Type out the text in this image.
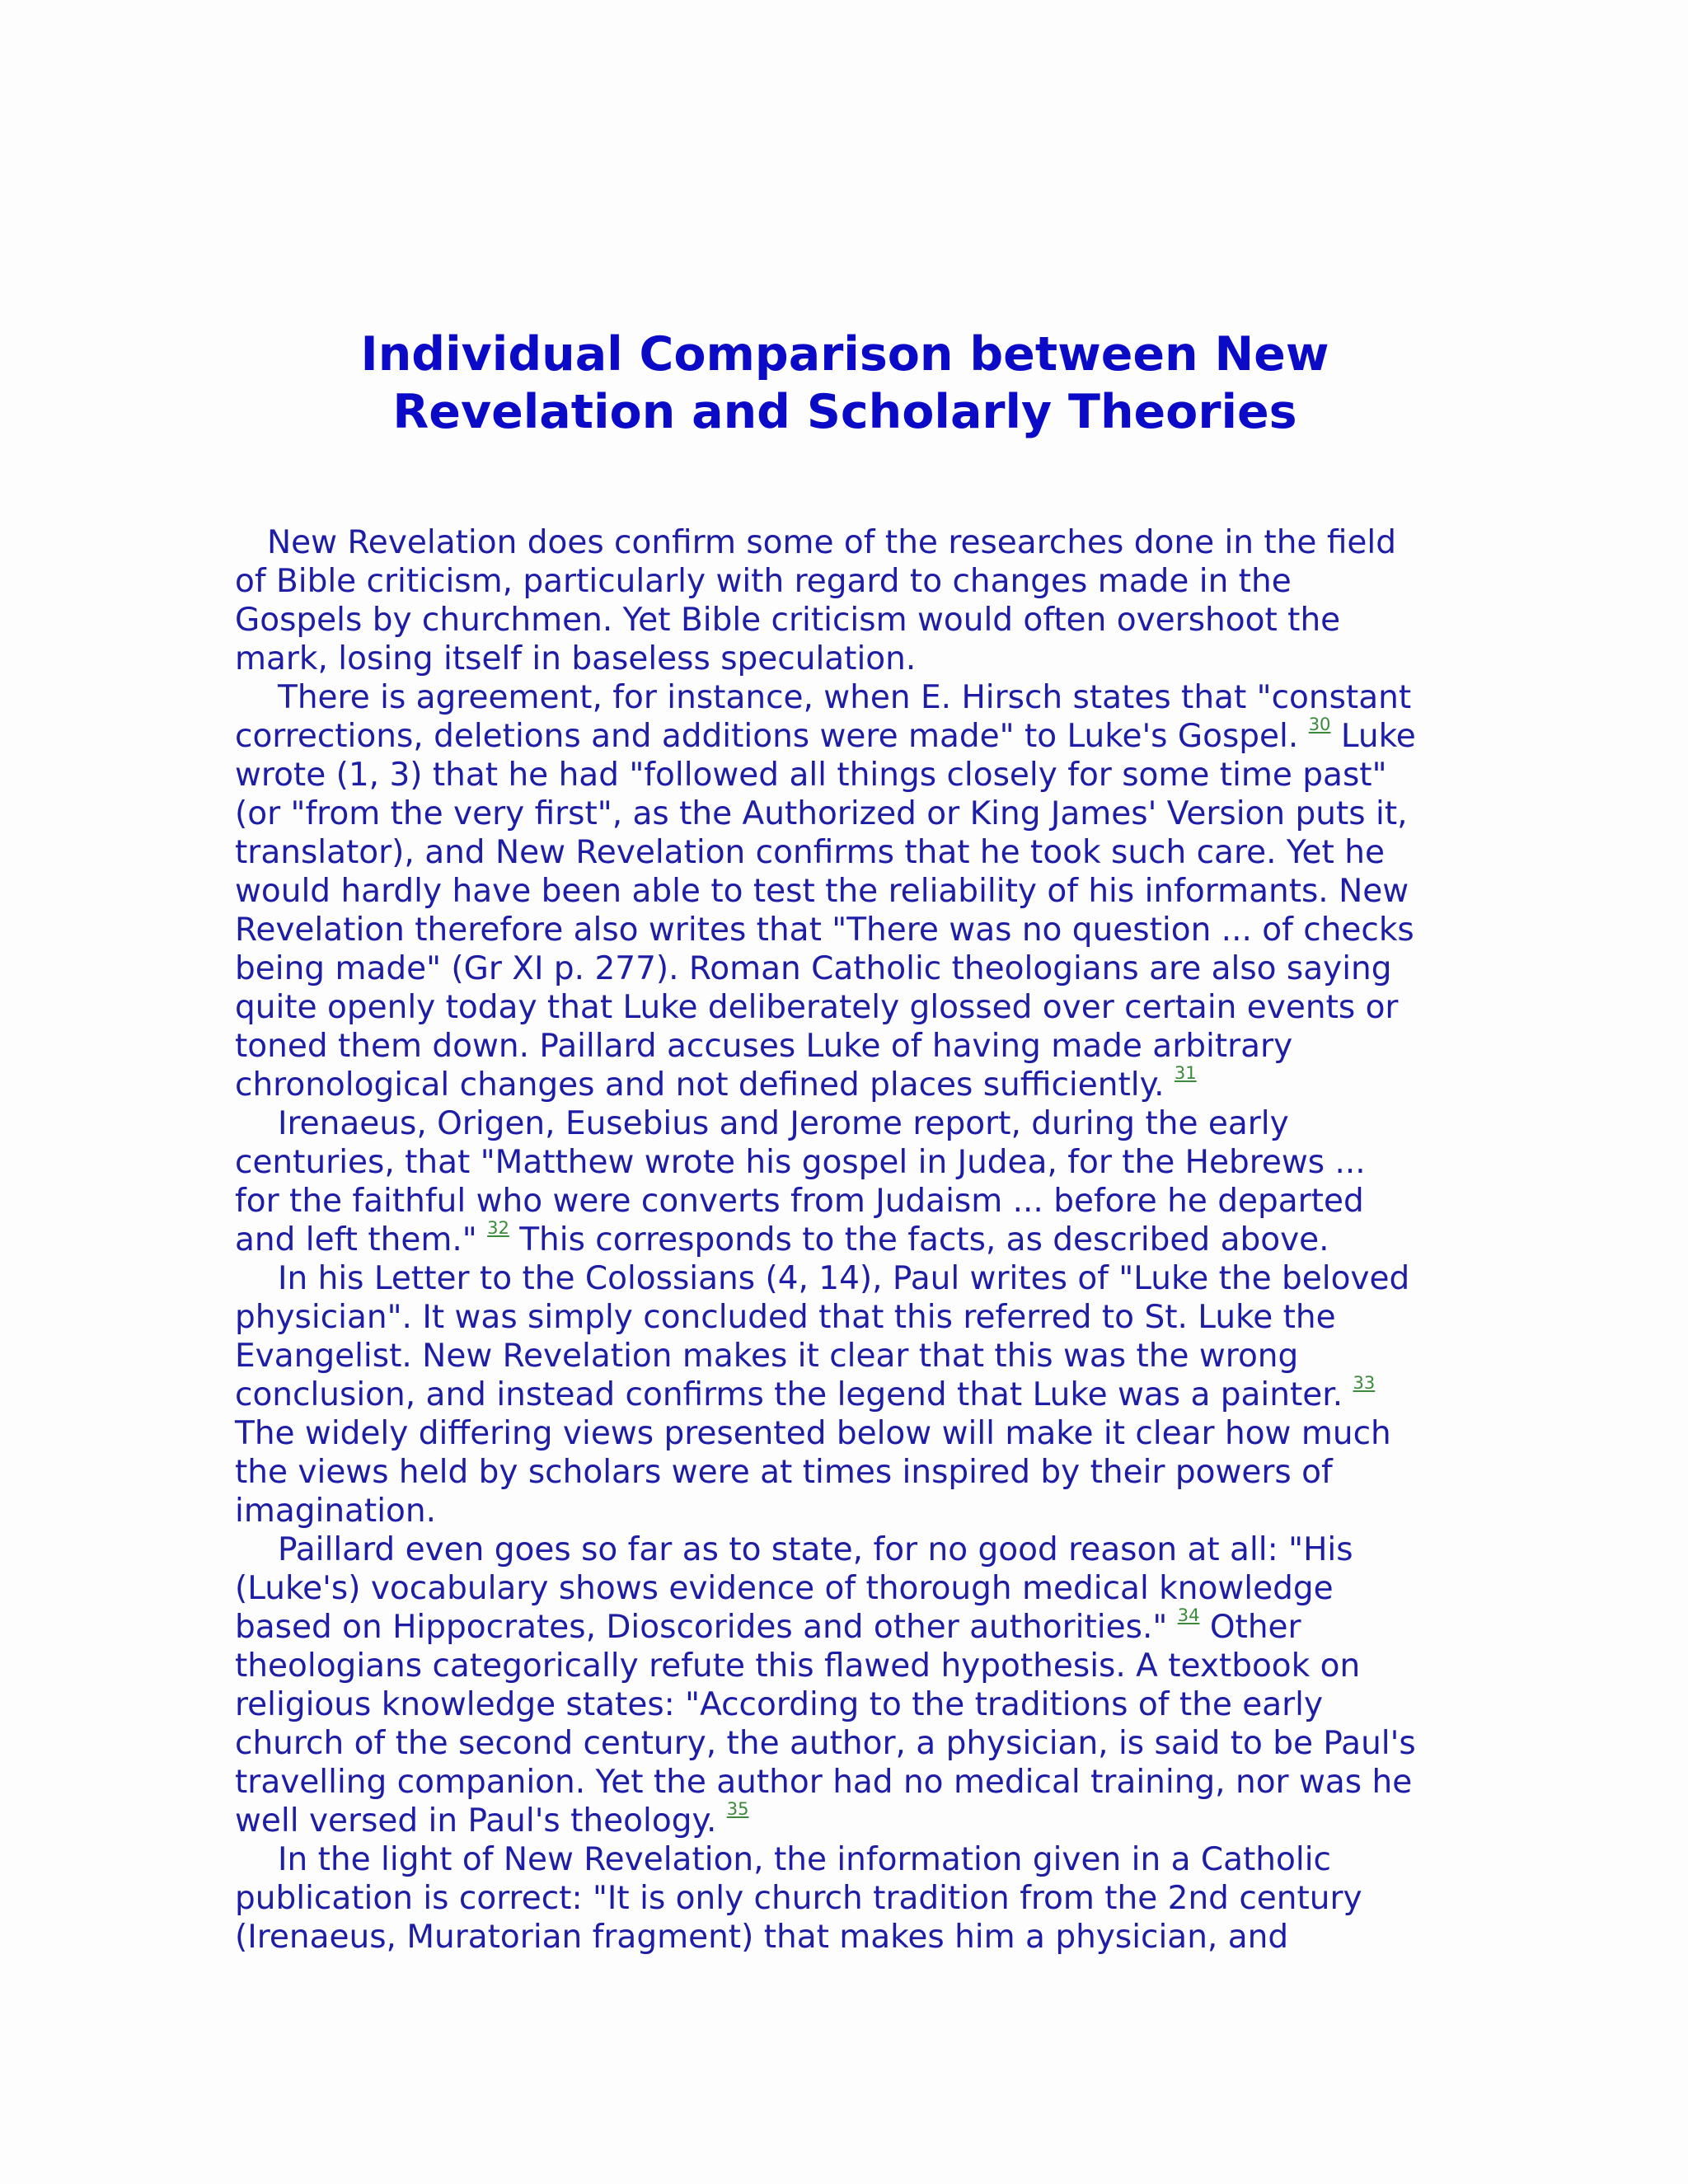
Individual Comparison between New
Revelation and Scholarly Theories
New Revelation does confirm some of the researches done in the field
of Bible criticism, particularly with regard to changes made in the
Gospels by churchmen. Yet Bible criticism would often overshoot the
mark, losing itself in baseless speculation.
There is agreement, for instance, when E. Hirsch states that "constant
corrections, deletions and additions were made" to Luke's Gospel. $^{30}$ Luke
wrote (1, 3) that he had "followed all things closely for some time past"
(or "from the very first", as the Authorized or King James' Version puts it,
translator), and New Revelation confirms that he took such care. Yet he
would hardly have been able to test the reliability of his informants. New
Revelation therefore also writes that "There was no question ... of checks
being made" (Gr XI p. 277). Roman Catholic theologians are also saying
quite openly today that Luke deliberately glossed over certain events or
toned them down. Paillard accuses Luke of having made arbitrary
chronological changes and not defined places sufficiently. $^{31}$
Irenaeus, Origen, Eusebius and Jerome report, during the early
centuries, that "Matthew wrote his gospel in Judea, for the Hebrews ...
for the faithful who were converts from Judaism ... before he departed
and left them." $^{32}$ This corresponds to the facts, as described above.
In his Letter to the Colossians (4, 14), Paul writes of "Luke the beloved
physician". It was simply concluded that this referred to St. Luke the
Evangelist. New Revelation makes it clear that this was the wrong
conclusion, and instead confirms the legend that Luke was a painter. $^{33}$
The widely differing views presented below will make it clear how much
the views held by scholars were at times inspired by their powers of
imagination.
Paillard even goes so far as to state, for no good reason at all: "His
(Luke's) vocabulary shows evidence of thorough medical knowledge
based on Hippocrates, Dioscorides and other authorities." $^{34}$ Other
theologians categorically refute this flawed hypothesis. A textbook on
religious knowledge states: "According to the traditions of the early
church of the second century, the author, a physician, is said to be Paul's
travelling companion. Yet the author had no medical training, nor was he
well versed in Paul's theology. $^{35}$
In the light of New Revelation, the information given in a Catholic
publication is correct: "It is only church tradition from the 2nd century
(Irenaeus, Muratorian fragment) that makes him a physician, and
